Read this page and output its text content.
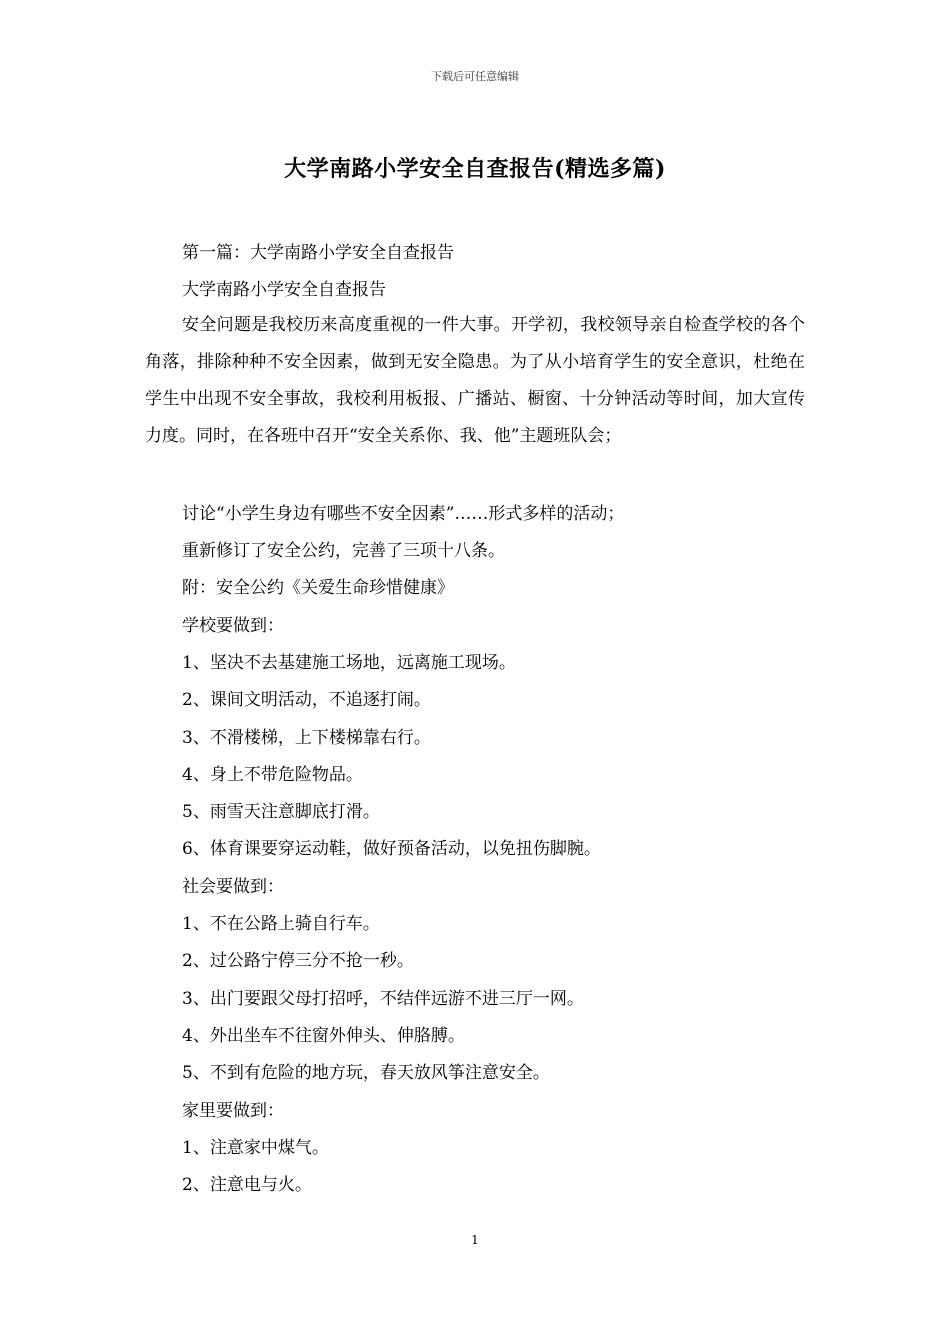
下载后可任意编辑
大学南路小学安全自查报告(精选多篇)
第一篇：大学南路小学安全自查报告
大学南路小学安全自查报告
安全问题是我校历来高度重视的一件大事。开学初，我校领导亲自检查学校的各个角落，排除种种不安全因素，做到无安全隐患。为了从小培育学生的安全意识，杜绝在学生中出现不安全事故，我校利用板报、广播站、橱窗、十分钟活动等时间，加大宣传力度。同时，在各班中召开“安全关系你、我、他”主题班队会；
讨论“小学生身边有哪些不安全因素”……形式多样的活动；
重新修订了安全公约，完善了三项十八条。
附：安全公约《关爱生命珍惜健康》
学校要做到：
1、坚决不去基建施工场地，远离施工现场。
2、课间文明活动，不追逐打闹。
3、不滑楼梯，上下楼梯靠右行。
4、身上不带危险物品。
5、雨雪天注意脚底打滑。
6、体育课要穿运动鞋，做好预备活动，以免扭伤脚腕。
社会要做到：
1、不在公路上骑自行车。
2、过公路宁停三分不抢一秒。
3、出门要跟父母打招呼，不结伴远游不进三厅一网。
4、外出坐车不往窗外伸头、伸胳膊。
5、不到有危险的地方玩，春天放风筝注意安全。
家里要做到：
1、注意家中煤气。
2、注意电与火。
1
